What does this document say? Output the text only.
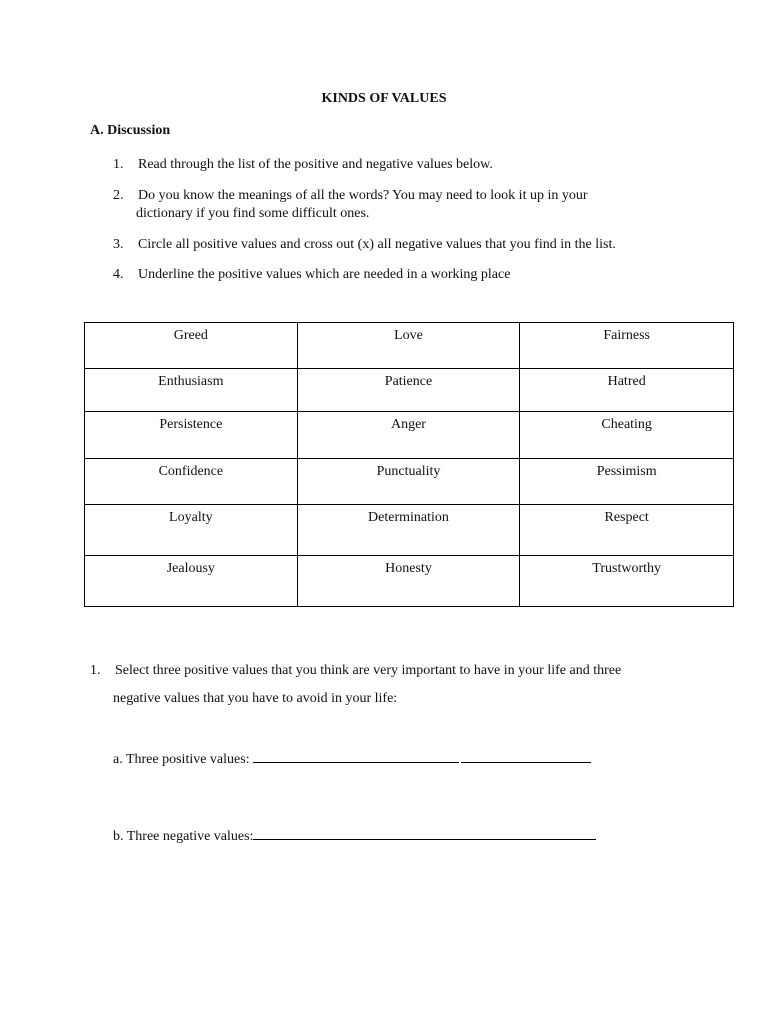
KINDS OF VALUES
A. Discussion
1. Read through the list of the positive and negative values below.
2. Do you know the meanings of all the words? You may need to look it up in your
dictionary if you find some difficult ones.
3. Circle all positive values and cross out (x) all negative values that you find in the list.
4. Underline the positive values which are needed in a working place
Greed	Love	Fairness
Enthusiasm	Patience	Hatred
Persistence	Anger	Cheating
Confidence	Punctuality	Pessimism
Loyalty	Determination	Respect
Jealousy	Honesty	Trustworthy
1. Select three positive values that you think are very important to have in your life and three
negative values that you have to avoid in your life:
a. Three positive values:
b. Three negative values:
